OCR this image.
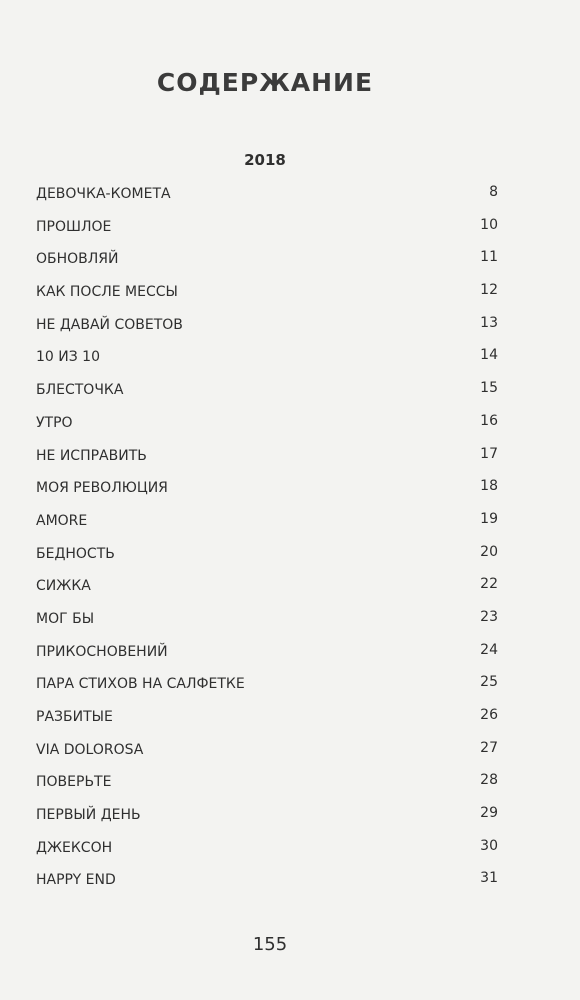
СОДЕРЖАНИЕ
2018
ДЕВОЧКА-КОМЕТА	8
ПРОШЛОЕ	10
ОБНОВЛЯЙ	11
КАК ПОСЛЕ МЕССЫ	12
НЕ ДАВАЙ СОВЕТОВ	13
10 ИЗ 10	14
БЛЕСТОЧКА	15
УТРО	16
НЕ ИСПРАВИТЬ	17
МОЯ РЕВОЛЮЦИЯ	18
AMORE	19
БЕДНОСТЬ	20
СИЖКА	22
МОГ БЫ	23
ПРИКОСНОВЕНИЙ	24
ПАРА СТИХОВ НА САЛФЕТКЕ	25
РАЗБИТЫЕ	26
VIA DOLOROSA	27
ПОВЕРЬТЕ	28
ПЕРВЫЙ ДЕНЬ	29
ДЖЕКСОН	30
HAPPY END	31
155
